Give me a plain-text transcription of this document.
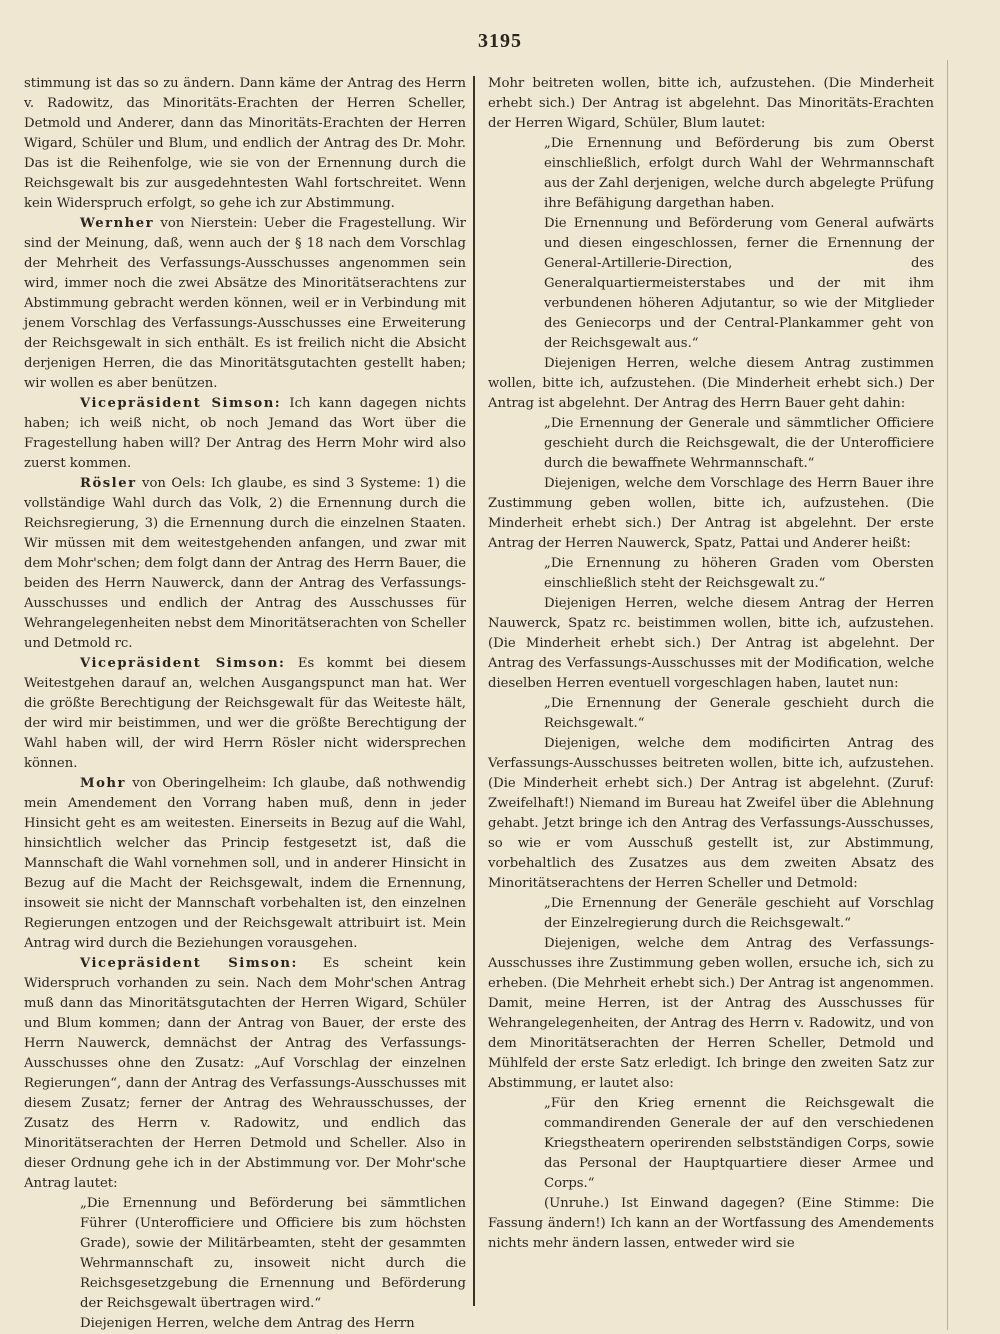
3195

stimmung ist das so zu ändern. Dann käme der Antrag des Herrn v. Radowitz, das Minoritäts-Erachten der Herren Scheller, Detmold und Anderer, dann das Minoritäts-Erachten der Herren Wigard, Schüler und Blum, und endlich der Antrag des Dr. Mohr. Das ist die Reihenfolge, wie sie von der Ernennung durch die Reichsgewalt bis zur ausgedehntesten Wahl fortschreitet. Wenn kein Widerspruch erfolgt, so gehe ich zur Abstimmung.

Wernher von Nierstein: Ueber die Fragestellung. Wir sind der Meinung, daß, wenn auch der § 18 nach dem Vorschlag der Mehrheit des Verfassungs-Ausschusses angenommen sein wird, immer noch die zwei Absätze des Minoritätserachtens zur Abstimmung gebracht werden können, weil er in Verbindung mit jenem Vorschlag des Verfassungs-Ausschusses eine Erweiterung der Reichsgewalt in sich enthält. Es ist freilich nicht die Absicht derjenigen Herren, die das Minoritätsgutachten gestellt haben; wir wollen es aber benützen.

Vicepräsident Simson: Ich kann dagegen nichts haben; ich weiß nicht, ob noch Jemand das Wort über die Fragestellung haben will? Der Antrag des Herrn Mohr wird also zuerst kommen.

Rösler von Oels: Ich glaube, es sind 3 Systeme: 1) die vollständige Wahl durch das Volk, 2) die Ernennung durch die Reichsregierung, 3) die Ernennung durch die einzelnen Staaten. Wir müssen mit dem weitestgehenden anfangen, und zwar mit dem Mohr'schen; dem folgt dann der Antrag des Herrn Bauer, die beiden des Herrn Nauwerck, dann der Antrag des Verfassungs-Ausschusses und endlich der Antrag des Ausschusses für Wehrangelegenheiten nebst dem Minoritätserachten von Scheller und Detmold rc.

Vicepräsident Simson: Es kommt bei diesem Weitestgehen darauf an, welchen Ausgangspunct man hat. Wer die größte Berechtigung der Reichsgewalt für das Weiteste hält, der wird mir beistimmen, und wer die größte Berechtigung der Wahl haben will, der wird Herrn Rösler nicht widersprechen können.

Mohr von Oberingelheim: Ich glaube, daß nothwendig mein Amendement den Vorrang haben muß, denn in jeder Hinsicht geht es am weitesten. Einerseits in Bezug auf die Wahl, hinsichtlich welcher das Princip festgesetzt ist, daß die Mannschaft die Wahl vornehmen soll, und in anderer Hinsicht in Bezug auf die Macht der Reichsgewalt, indem die Ernennung, insoweit sie nicht der Mannschaft vorbehalten ist, den einzelnen Regierungen entzogen und der Reichsgewalt attribuirt ist. Mein Antrag wird durch die Beziehungen vorausgehen.

Vicepräsident Simson: Es scheint kein Widerspruch vorhanden zu sein. Nach dem Mohr'schen Antrag muß dann das Minoritätsgutachten der Herren Wigard, Schüler und Blum kommen; dann der Antrag von Bauer, der erste des Herrn Nauwerck, demnächst der Antrag des Verfassungs-Ausschusses ohne den Zusatz: „Auf Vorschlag der einzelnen Regierungen“, dann der Antrag des Verfassungs-Ausschusses mit diesem Zusatz; ferner der Antrag des Wehrausschusses, der Zusatz des Herrn v. Radowitz, und endlich das Minoritätserachten der Herren Detmold und Scheller. Also in dieser Ordnung gehe ich in der Abstimmung vor. Der Mohr'sche Antrag lautet:

„Die Ernennung und Beförderung bei sämmtlichen Führer (Unterofficiere und Officiere bis zum höchsten Grade), sowie der Militärbeamten, steht der gesammten Wehrmannschaft zu, insoweit nicht durch die Reichsgesetzgebung die Ernennung und Beförderung der Reichsgewalt übertragen wird.“

Diejenigen Herren, welche dem Antrag des Herrn

Mohr beitreten wollen, bitte ich, aufzustehen. (Die Minderheit erhebt sich.) Der Antrag ist abgelehnt. Das Minoritäts-Erachten der Herren Wigard, Schüler, Blum lautet:

„Die Ernennung und Beförderung bis zum Oberst einschließlich, erfolgt durch Wahl der Wehrmannschaft aus der Zahl derjenigen, welche durch abgelegte Prüfung ihre Befähigung dargethan haben.

Die Ernennung und Beförderung vom General aufwärts und diesen eingeschlossen, ferner die Ernennung der General-Artillerie-Direction, des Generalquartiermeisterstabes und der mit ihm verbundenen höheren Adjutantur, so wie der Mitglieder des Geniecorps und der Central-Plankammer geht von der Reichsgewalt aus.“

Diejenigen Herren, welche diesem Antrag zustimmen wollen, bitte ich, aufzustehen. (Die Minderheit erhebt sich.) Der Antrag ist abgelehnt. Der Antrag des Herrn Bauer geht dahin:

„Die Ernennung der Generale und sämmtlicher Officiere geschieht durch die Reichsgewalt, die der Unterofficiere durch die bewaffnete Wehrmannschaft.“

Diejenigen, welche dem Vorschlage des Herrn Bauer ihre Zustimmung geben wollen, bitte ich, aufzustehen. (Die Minderheit erhebt sich.) Der Antrag ist abgelehnt. Der erste Antrag der Herren Nauwerck, Spatz, Pattai und Anderer heißt:

„Die Ernennung zu höheren Graden vom Obersten einschließlich steht der Reichsgewalt zu.“

Diejenigen Herren, welche diesem Antrag der Herren Nauwerck, Spatz rc. beistimmen wollen, bitte ich, aufzustehen. (Die Minderheit erhebt sich.) Der Antrag ist abgelehnt. Der Antrag des Verfassungs-Ausschusses mit der Modification, welche dieselben Herren eventuell vorgeschlagen haben, lautet nun:

„Die Ernennung der Generale geschieht durch die Reichsgewalt.“

Diejenigen, welche dem modificirten Antrag des Verfassungs-Ausschusses beitreten wollen, bitte ich, aufzustehen. (Die Minderheit erhebt sich.) Der Antrag ist abgelehnt. (Zuruf: Zweifelhaft!) Niemand im Bureau hat Zweifel über die Ablehnung gehabt. Jetzt bringe ich den Antrag des Verfassungs-Ausschusses, so wie er vom Ausschuß gestellt ist, zur Abstimmung, vorbehaltlich des Zusatzes aus dem zweiten Absatz des Minoritätserachtens der Herren Scheller und Detmold:

„Die Ernennung der Generäle geschieht auf Vorschlag der Einzelregierung durch die Reichsgewalt.“

Diejenigen, welche dem Antrag des Verfassungs-Ausschusses ihre Zustimmung geben wollen, ersuche ich, sich zu erheben. (Die Mehrheit erhebt sich.) Der Antrag ist angenommen. Damit, meine Herren, ist der Antrag des Ausschusses für Wehrangelegenheiten, der Antrag des Herrn v. Radowitz, und von dem Minoritätserachten der Herren Scheller, Detmold und Mühlfeld der erste Satz erledigt. Ich bringe den zweiten Satz zur Abstimmung, er lautet also:

„Für den Krieg ernennt die Reichsgewalt die commandirenden Generale der auf den verschiedenen Kriegstheatern operirenden selbstständigen Corps, sowie das Personal der Hauptquartiere dieser Armee und Corps.“

(Unruhe.) Ist Einwand dagegen? (Eine Stimme: Die Fassung ändern!) Ich kann an der Wortfassung des Amendements nichts mehr ändern lassen, entweder wird sie
